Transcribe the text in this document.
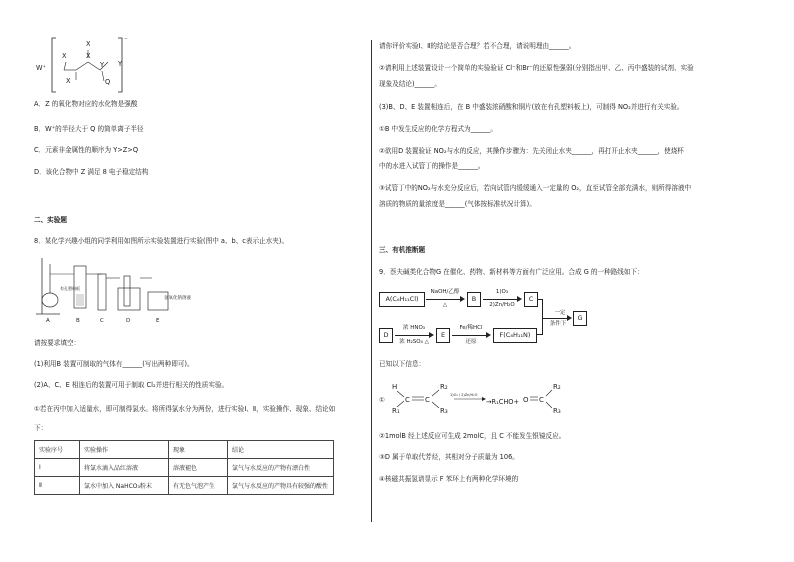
W⁺
⁻
X
X	X
X
Y
Q
Y
A．Z 的氧化物对应的水化物是强酸
B．W⁺的半径大于 Q 的简单离子半径
C．元素非金属性的顺序为 Y>Z>Q
D．该化合物中 Z 满足 8 电子稳定结构
二、实验题
8．某化学兴趣小组的同学利用如图所示实验装置进行实验(图中 a、b、c表示止水夹)。
A	B	C	D	E
氢氧化钠溶液
有孔塑料板
请按要求填空：
(1)利用B 装置可制取的气体有______(写出两种即可)。
(2)A、C、E 相连后的装置可用于制取 Cl₂并进行相关的性质实验。
①若在丙中加入适量水，即可制得氯水。将所得氯水分为两份，进行实验Ⅰ、Ⅱ，实验操作、现象、结论如
下：
实验序号	实验操作	现象	结论
Ⅰ	将氯水滴入品红溶液	溶液褪色	氯气与水反应的产物有漂白性
Ⅱ	氯水中加入 NaHCO₃粉末	有无色气泡产生	氯气与水反应的产物具有较强的酸性
请你评价实验Ⅰ、Ⅱ的结论是否合理？若不合理，请说明理由______。
②请利用上述装置设计一个简单的实验验证 Cl⁻和Br⁻的还原性强弱(分别指出甲、乙、丙中盛装的试剂、实验
现象及结论)______。
(3)B、D、E 装置相连后，在 B 中盛装浓硝酸和铜片(放在有孔塑料板上)，可制得 NO₂并进行有关实验。
①B 中发生反应的化学方程式为______。
②欲用D 装置验证 NO₂与水的反应，其操作步骤为：先关闭止水夹______，再打开止水夹______，使烧杯
中的水进入试管丁的操作是______。
③试管丁中的NO₂与水充分反应后，若向试管内缓缓通入一定量的 O₂，直至试管全部充满水，则所得溶液中
溶质的物质的量浓度是______(气体按标准状况计算)。
三、有机推断题
9．萘夫碱类化合物G 在催化、药物、新材料等方面有广泛应用。合成 G 的一种路线如下：
A(C₆H₁₁Cl)
NaOH/乙醇
△
B
1)O₃
2)Zn/H₂O
C
D
浓 HNO₃
浓 H₂SO₄ △
E
Fe/稀HCl
还原
F(C₈H₁₁N)
一定
条件下
G
已知以下信息：
①
H
R₁
C C
R₂
R₃
O C
R₂
R₃
1)O₃ / 2)Zn/H₂O
→R₁CHO+
②1molB 经上述反应可生成 2molC，且 C 不能发生银镜反应。
③D 属于单取代芳烃，其相对分子质量为 106。
④核磁共振氢谱显示 F 苯环上有两种化学环境的
